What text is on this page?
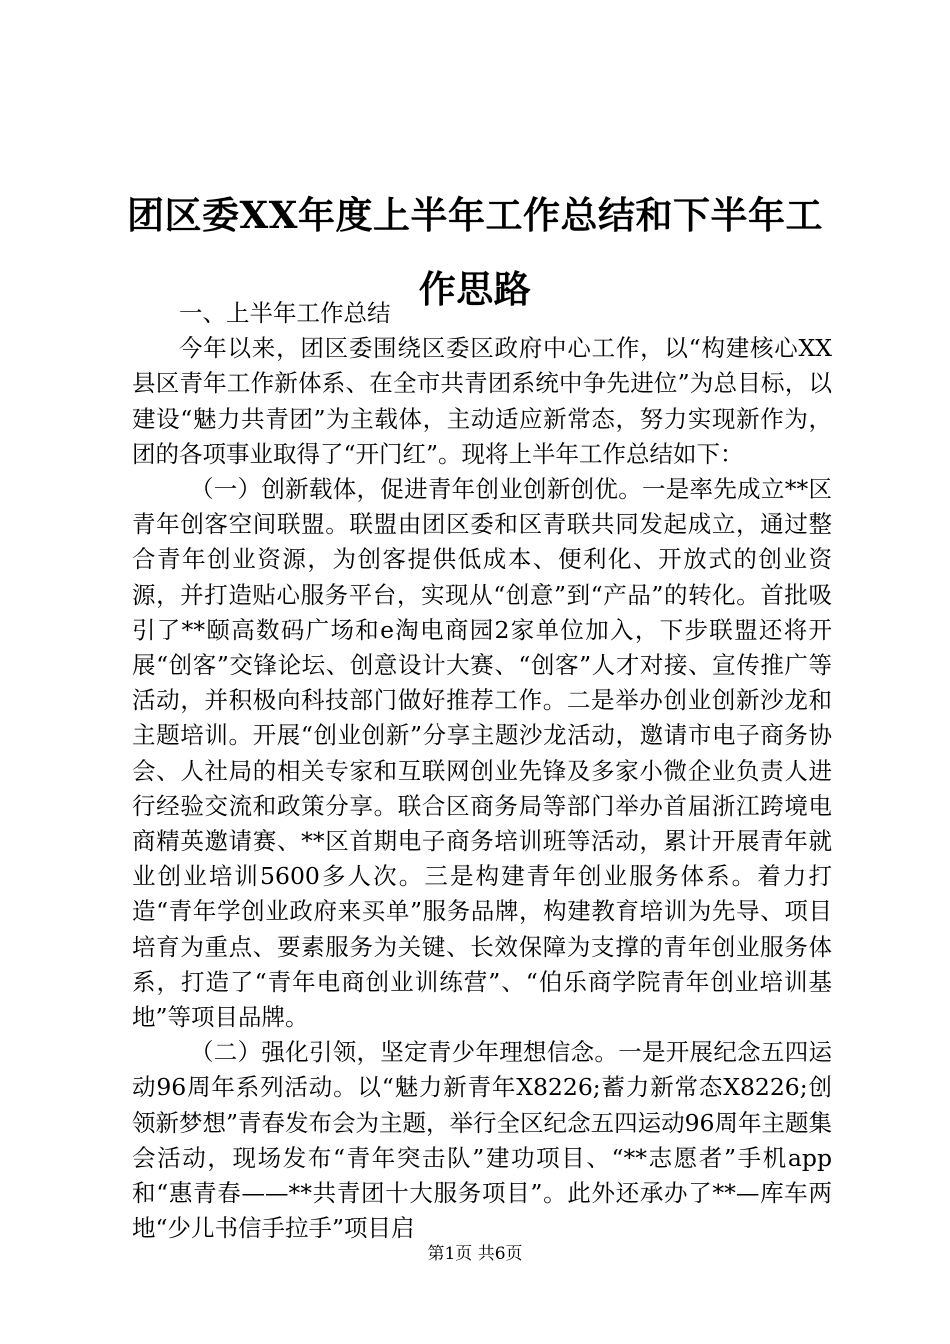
团区委XX年度上半年工作总结和下半年工作思路

一、上半年工作总结

今年以来，团区委围绕区委区政府中心工作，以“构建核心XX县区青年工作新体系、在全市共青团系统中争先进位”为总目标，以建设“魅力共青团”为主载体，主动适应新常态，努力实现新作为，团的各项事业取得了“开门红”。现将上半年工作总结如下：

（一）创新载体，促进青年创业创新创优。一是率先成立**区青年创客空间联盟。联盟由团区委和区青联共同发起成立，通过整合青年创业资源，为创客提供低成本、便利化、开放式的创业资源，并打造贴心服务平台，实现从“创意”到“产品”的转化。首批吸引了**颐高数码广场和e淘电商园2家单位加入，下步联盟还将开展“创客”交锋论坛、创意设计大赛、“创客”人才对接、宣传推广等活动，并积极向科技部门做好推荐工作。二是举办创业创新沙龙和主题培训。开展“创业创新”分享主题沙龙活动，邀请市电子商务协会、人社局的相关专家和互联网创业先锋及多家小微企业负责人进行经验交流和政策分享。联合区商务局等部门举办首届浙江跨境电商精英邀请赛、**区首期电子商务培训班等活动，累计开展青年就业创业培训5600多人次。三是构建青年创业服务体系。着力打造“青年学创业政府来买单”服务品牌，构建教育培训为先导、项目培育为重点、要素服务为关键、长效保障为支撑的青年创业服务体系，打造了“青年电商创业训练营”、“伯乐商学院青年创业培训基地”等项目品牌。

（二）强化引领，坚定青少年理想信念。一是开展纪念五四运动96周年系列活动。以“魅力新青年X8226;蓄力新常态X8226;创领新梦想”青春发布会为主题，举行全区纪念五四运动96周年主题集会活动，现场发布“青年突击队”建功项目、“**志愿者”手机app和“惠青春——**共青团十大服务项目”。此外还承办了**—库车两地“少儿书信手拉手”项目启

第1页 共6页
